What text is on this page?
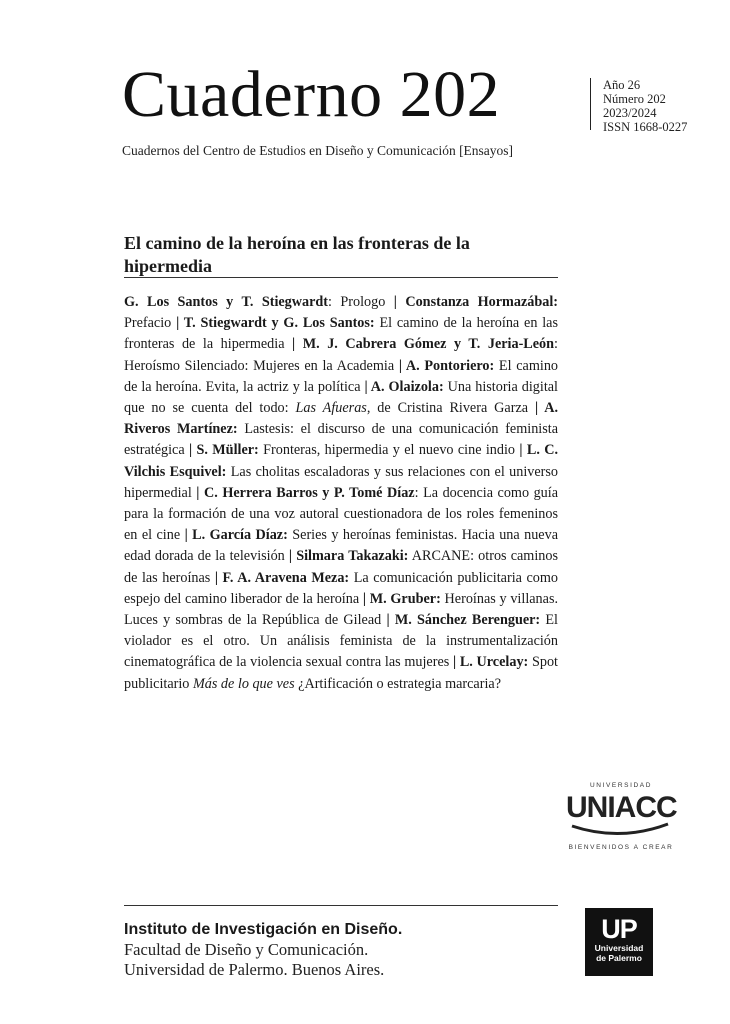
Cuaderno 202
Cuadernos del Centro de Estudios en Diseño y Comunicación [Ensayos]
Año 26
Número 202
2023/2024
ISSN 1668-0227
El camino de la heroína en las fronteras de la hipermedia

G. Los Santos y T. Stiegwardt: Prologo | Constanza Hormazábal: Prefacio | T. Stiegwardt y G. Los Santos: El camino de la heroína en las fronteras de la hipermedia | M. J. Cabrera Gómez y T. Jeria-León: Heroísmo Silenciado: Mujeres en la Academia | A. Pontoriero: El camino de la heroína. Evita, la actriz y la política | A. Olaizola: Una historia digital que no se cuenta del todo: Las Afueras, de Cristina Rivera Garza | A. Riveros Martínez: Lastesis: el discurso de una comunicación feminista estratégica | S. Müller: Fronteras, hipermedia y el nuevo cine indio | L. C. Vilchis Esquivel: Las cholitas escaladoras y sus relaciones con el universo hipermedial | C. Herrera Barros y P. Tomé Díaz: La docencia como guía para la formación de una voz autoral cuestionadora de los roles femeninos en el cine | L. García Díaz: Series y heroínas feministas. Hacia una nueva edad dorada de la televisión | Silmara Takazaki: ARCANE: otros caminos de las heroínas | F. A. Aravena Meza: La comunicación publicitaria como espejo del camino liberador de la heroína | M. Gruber: Heroínas y villanas. Luces y sombras de la República de Gilead | M. Sánchez Berenguer: El violador es el otro. Un análisis feminista de la instrumentalización cinematográfica de la violencia sexual contra las mujeres | L. Urcelay: Spot publicitario Más de lo que ves ¿Artificación o estrategia marcaria?

UNIVERSIDAD
UNIACC
BIENVENIDOS A CREAR
Instituto de Investigación en Diseño.
Facultad de Diseño y Comunicación.
Universidad de Palermo. Buenos Aires.
UP
Universidad
de Palermo
